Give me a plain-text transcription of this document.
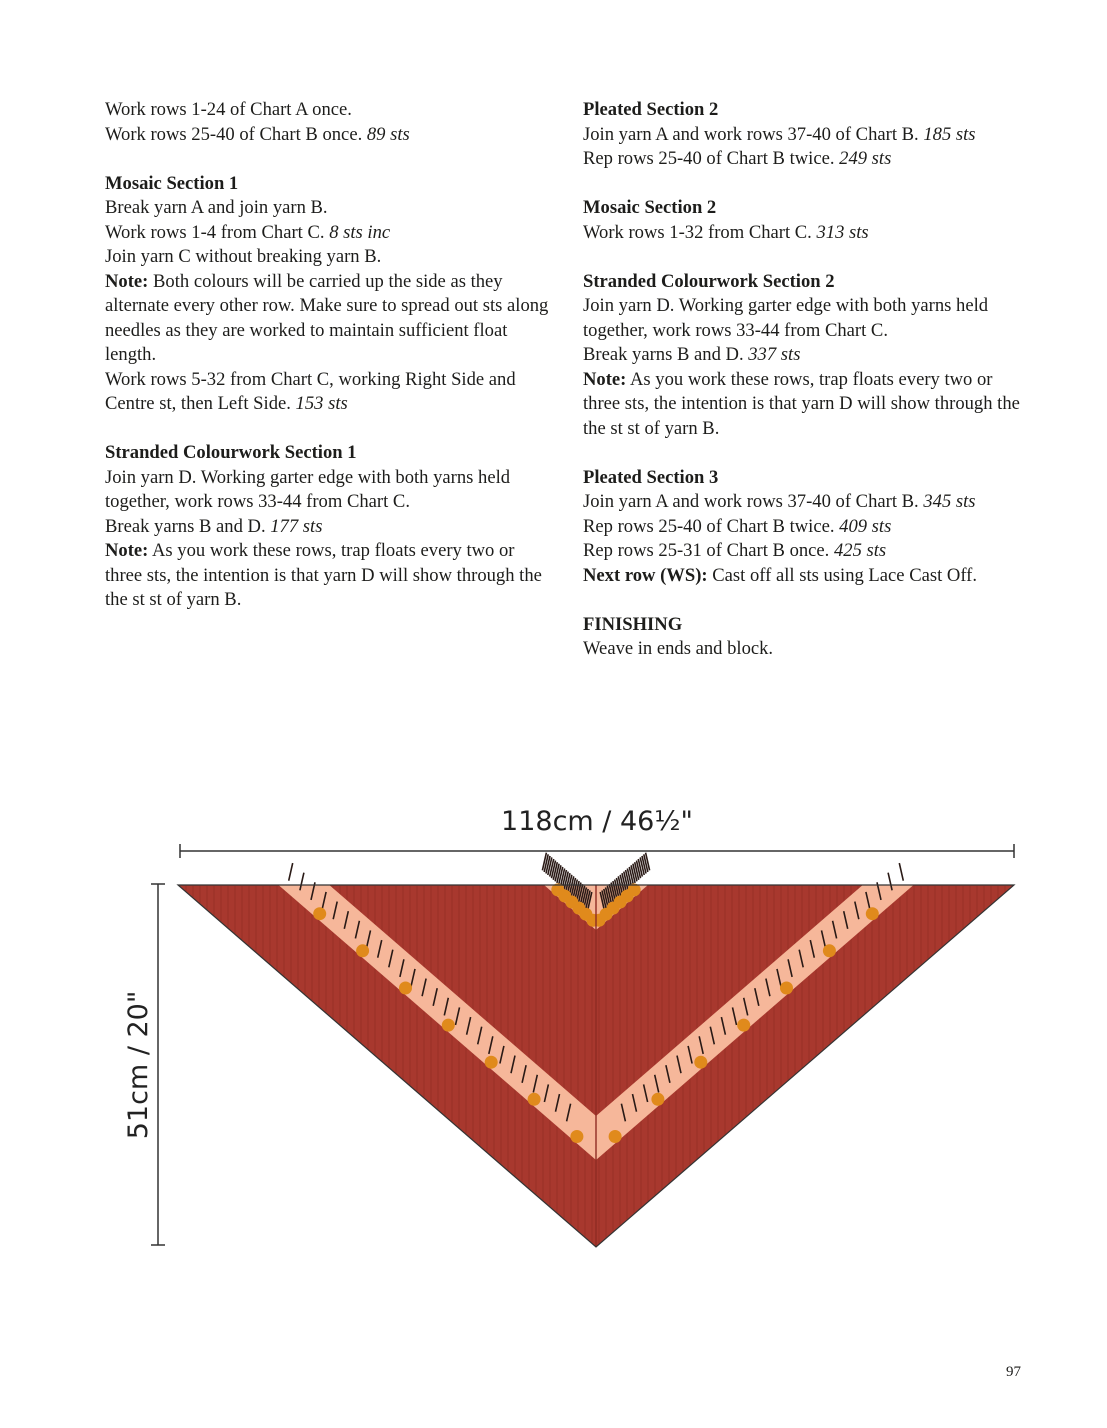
Work rows 1-24 of Chart A once.
Work rows 25-40 of Chart B once. 89 sts

Mosaic Section 1
Break yarn A and join yarn B.
Work rows 1-4 from Chart C. 8 sts inc
Join yarn C without breaking yarn B.
Note: Both colours will be carried up the side as they alternate every other row. Make sure to spread out sts along needles as they are worked to maintain sufficient float length.
Work rows 5-32 from Chart C, working Right Side and Centre st, then Left Side. 153 sts

Stranded Colourwork Section 1
Join yarn D. Working garter edge with both yarns held together, work rows 33-44 from Chart C.
Break yarns B and D. 177 sts
Note: As you work these rows, trap floats every two or three sts, the intention is that yarn D will show through the the st st of yarn B.

Pleated Section 2
Join yarn A and work rows 37-40 of Chart B. 185 sts
Rep rows 25-40 of Chart B twice. 249 sts

Mosaic Section 2
Work rows 1-32 from Chart C. 313 sts

Stranded Colourwork Section 2
Join yarn D. Working garter edge with both yarns held together, work rows 33-44 from Chart C.
Break yarns B and D. 337 sts
Note: As you work these rows, trap floats every two or three sts, the intention is that yarn D will show through the the st st of yarn B.

Pleated Section 3
Join yarn A and work rows 37-40 of Chart B. 345 sts
Rep rows 25-40 of Chart B twice. 409 sts
Rep rows 25-31 of Chart B once. 425 sts
Next row (WS): Cast off all sts using Lace Cast Off.

FINISHING
Weave in ends and block.

118cm / 46½"
51cm / 20"
97
